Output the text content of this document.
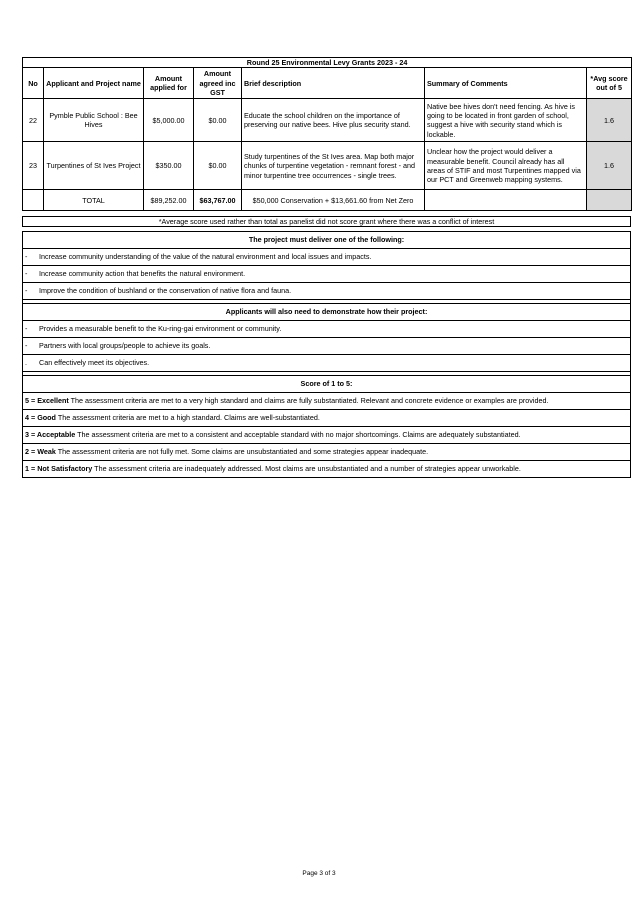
Round 25 Environmental Levy Grants 2023 - 24						
No	Applicant and Project name	Amount applied for	Amount agreed inc GST	Brief description	Summary of Comments	*Avg score out of 5
22	Pymble Public School : Bee Hives	$5,000.00	$0.00	Educate the school children on the importance of preserving our native bees. Hive plus security stand.	Native bee hives don't need fencing. As hive is going to be located in front garden of school, suggest a hive with security stand which is lockable.	1.6
23	Turpentines of St Ives Project	$350.00	$0.00	Study turpentines of the St Ives area. Map both major chunks of turpentine vegetation - remnant forest - and minor turpentine tree occurrences - single trees.	Unclear how the project would deliver a measurable benefit. Council already has all areas of STIF and most Turpentines mapped via our PCT and Greenweb mapping systems.	1.6
	TOTAL	$89,252.00	$63,767.00	$50,000 Conservation + $13,661.60 from Net Zero		
*Average score used rather than total as panelist did not score grant where there was a conflict of interest
The project must deliver one of the following:
- Increase community understanding of the value of the natural environment and local issues and impacts.
- Increase community action that benefits the natural environment.
- Improve the condition of bushland or the conservation of native flora and fauna.

Applicants will also need to demonstrate how their project:
- Provides a measurable benefit to the Ku-ring-gai environment or community.
- Partners with local groups/people to achieve its goals.
. Can effectively meet its objectives.

Score of 1 to 5:
5 = Excellent The assessment criteria are met to a very high standard and claims are fully substantiated. Relevant and concrete evidence or examples are provided.
4 = Good The assessment criteria are met to a high standard. Claims are well-substantiated.
3 = Acceptable The assessment criteria are met to a consistent and acceptable standard with no major shortcomings. Claims are adequately substantiated.
2 = Weak The assessment criteria are not fully met. Some claims are unsubstantiated and some strategies appear inadequate.
1 = Not Satisfactory The assessment criteria are inadequately addressed. Most claims are unsubstantiated and a number of strategies appear unworkable.
Page 3 of 3
